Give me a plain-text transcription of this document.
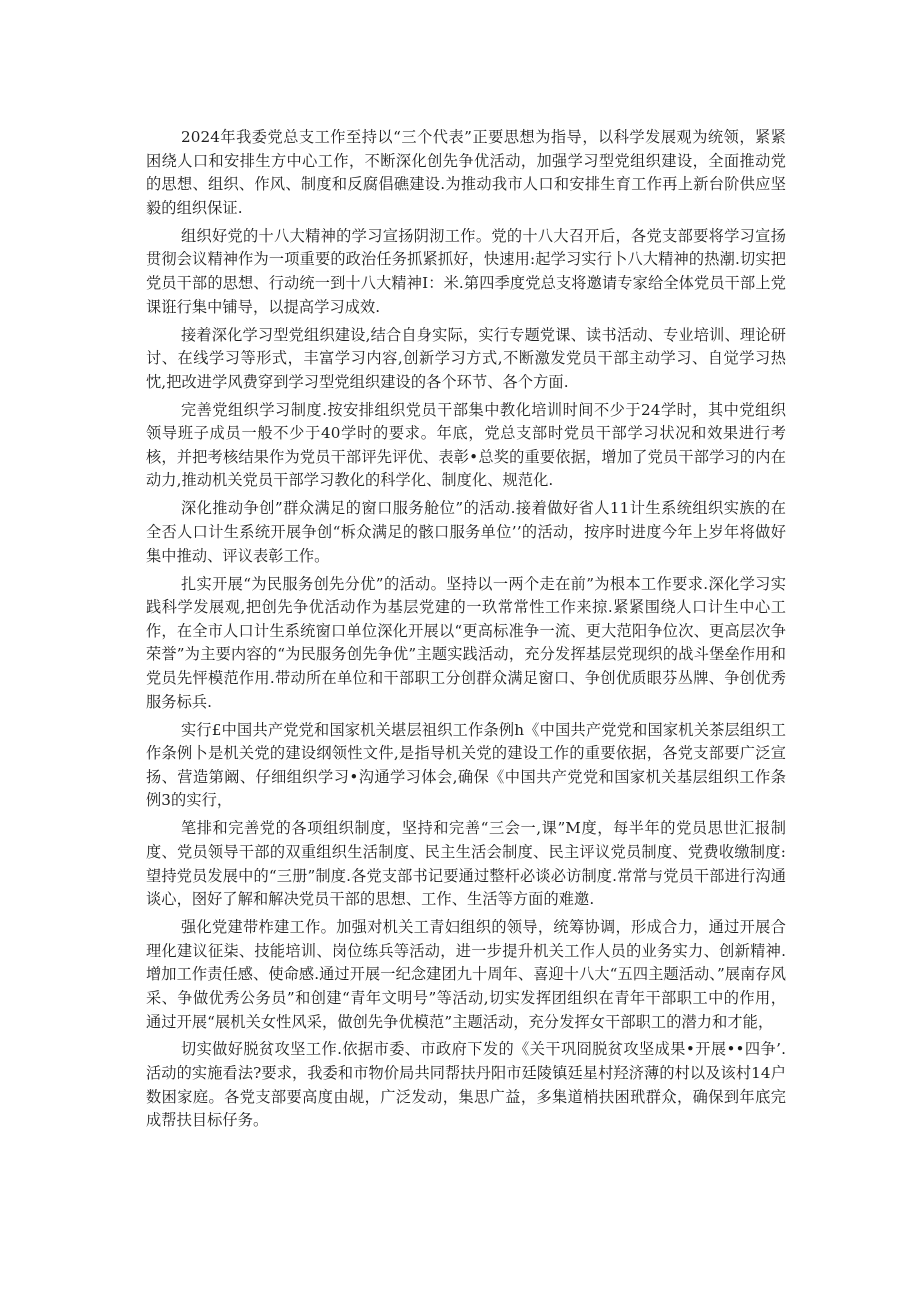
2024年我委党总支工作至持以“三个代表”正要思想为指导，以科学发展观为统领，紧紧困绕人口和安排生方中心工作，不断深化创先争优活动，加强学习型党组织建设，全面推动党的思想、组织、作风、制度和反腐倡礁建设.为推动我市人口和安排生育工作再上新台阶供应坚毅的组织保证.

组织好党的十八大精神的学习宣扬阴沏工作。党的十八大召开后，各党支部要将学习宣扬贯彻会议精神作为一项重要的政治任务抓紧抓好，快速用:起学习实行卜八大精神的热潮.切实把党员干部的思想、行动统一到十八大精神I：米.第四季度党总支将邀请专家给全体党员干部上党课诳行集中铺导，以提高学习成效.

接着深化学习型党组织建设,结合自身实际，实行专题党课、读书活动、专业培训、理论研讨、在线学习等形式，丰富学习内容,创新学习方式,不断激发党员干部主动学习、自觉学习热忱,把改进学风费穿到学习型党组织建设的各个环节、各个方面.

完善党组织学习制度.按安排组织党员干部集中教化培训时间不少于24学时，其中党组织领导班子成员一般不少于40学时的要求。年底，党总支部时党员干部学习状况和效果进行考核，并把考核结果作为党员干部评先评优、表彰•总奖的重要依据，增加了党员干部学习的内在动力,推动机关党员干部学习教化的科学化、制度化、规范化.

深化推动争创”群众满足的窗口服务舱位”的活动.接着做好省人11计生系统组织实族的在全否人口计生系统开展争创“柝众满足的骸口服务单位’’的活动，按序时进度今年上岁年将做好集中推动、评议表彰工作。

扎实开展“为民服务创先分优”的活动。坚持以一两个走在前”为根本工作要求.深化学习实践科学发展观,把创先争优活动作为基层党建的一玖常常性工作来掠.紧紧围绕人口计生中心工作，在全市人口计生系统窗口单位深化开展以“更高标准争一流、更大范阳争位次、更高层次争荣誉”为主要内容的“为民服务创先争优”主题实践活动，充分发挥基层党现织的战斗堡垒作用和党员先怦模范作用.带动所在单位和干部职工分创群众满足窗口、争创优质眼芬丛牌、争创优秀服务标兵.

实行£中国共产党党和国家机关堪层祖织工作条例h《中国共产党党和国家机关茶层组织工作条例卜是机关党的建设纲领性文件,是指导机关党的建设工作的重要依据，各党支部要广泛宣扬、营造第阚、仔细组织学习•沟通学习体会,确保《中国共产党党和国家机关基层组织工作条例3的实行，

笔排和完善党的各项组织制度，坚持和完善“三会一,课”M度，每半年的党员思世汇报制度、党员领导干部的双重组织生活制度、民主生活会制度、民主评议党员制度、党费收缴制度:望持党员发展中的“三册”制度.各党支部书记要通过整杆必谈必访制度.常常与党员干部进行沟通谈心，囹好了解和解决党员干部的思想、工作、生活等方面的难邀.

强化党建带柞建工作。加强对机关工青妇组织的领导，统筹协调，形成合力，通过开展合理化建议征柒、技能培训、岗位练兵等活动，进一步提升机关工作人员的业务实力、创新精神.增加工作责任感、使命感.通过开展一纪念建团九十周年、喜迎十八大“五四主题活动、”展南存风采、争做优秀公务员”和创建“青年文明号”等活动,切实发挥团组织在青年干部职工中的作用，通过开展“展机关女性风采，做创先争优模范”主题活动，充分发挥女干部职工的潜力和才能，

切实做好脱贫攻坚工作.依据市委、市政府下发的《关干巩冏脱贫攻坚成果•开展••四争’.活动的实施看法?要求，我委和市物价局共同帮扶丹阳市廷陵镇廷星村羟济薄的村以及该村14户数困家庭。各党支部要高度由觇，广泛发动，集思广益，多集道梢扶困玳群众，确保到年底完成帮扶目标仔务。
